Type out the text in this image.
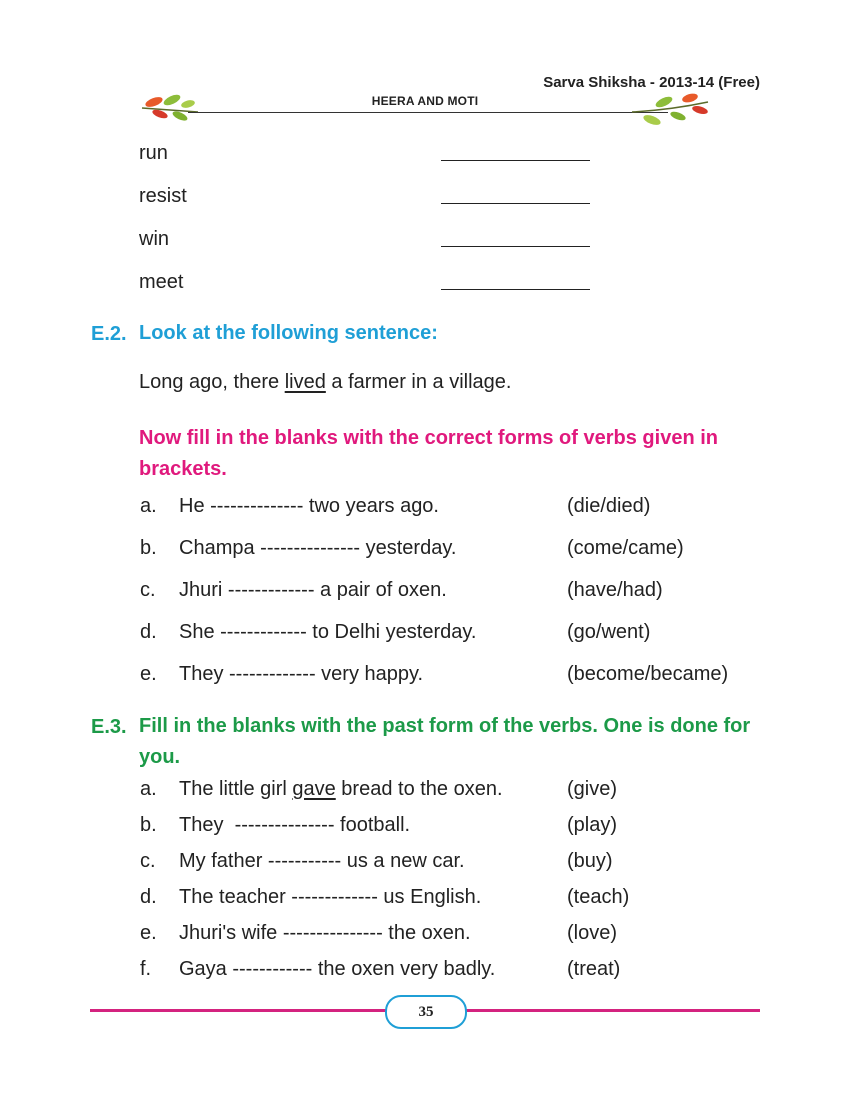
Sarva Shiksha - 2013-14 (Free)
HEERA AND MOTI
run
resist
win
meet
E.2. Look at the following sentence:
Long ago, there lived a farmer in a village.
Now fill in the blanks with the correct forms of verbs given in brackets.
a.	He -------------- two years ago.	(die/died)
b.	Champa --------------- yesterday.	(come/came)
c.	Jhuri ------------- a pair of oxen.	(have/had)
d.	She ------------- to Delhi yesterday.	(go/went)
e.	They ------------- very happy.	(become/became)
E.3. Fill in the blanks with the past form of the verbs. One is done for you.
a.	The little girl gave bread to the oxen.	(give)
b.	They  --------------- football.	(play)
c.	My father ----------- us a new car.	(buy)
d.	The teacher ------------- us English.	(teach)
e.	Jhuri's wife --------------- the oxen.	(love)
f.	Gaya ------------ the oxen very badly.	(treat)
35
